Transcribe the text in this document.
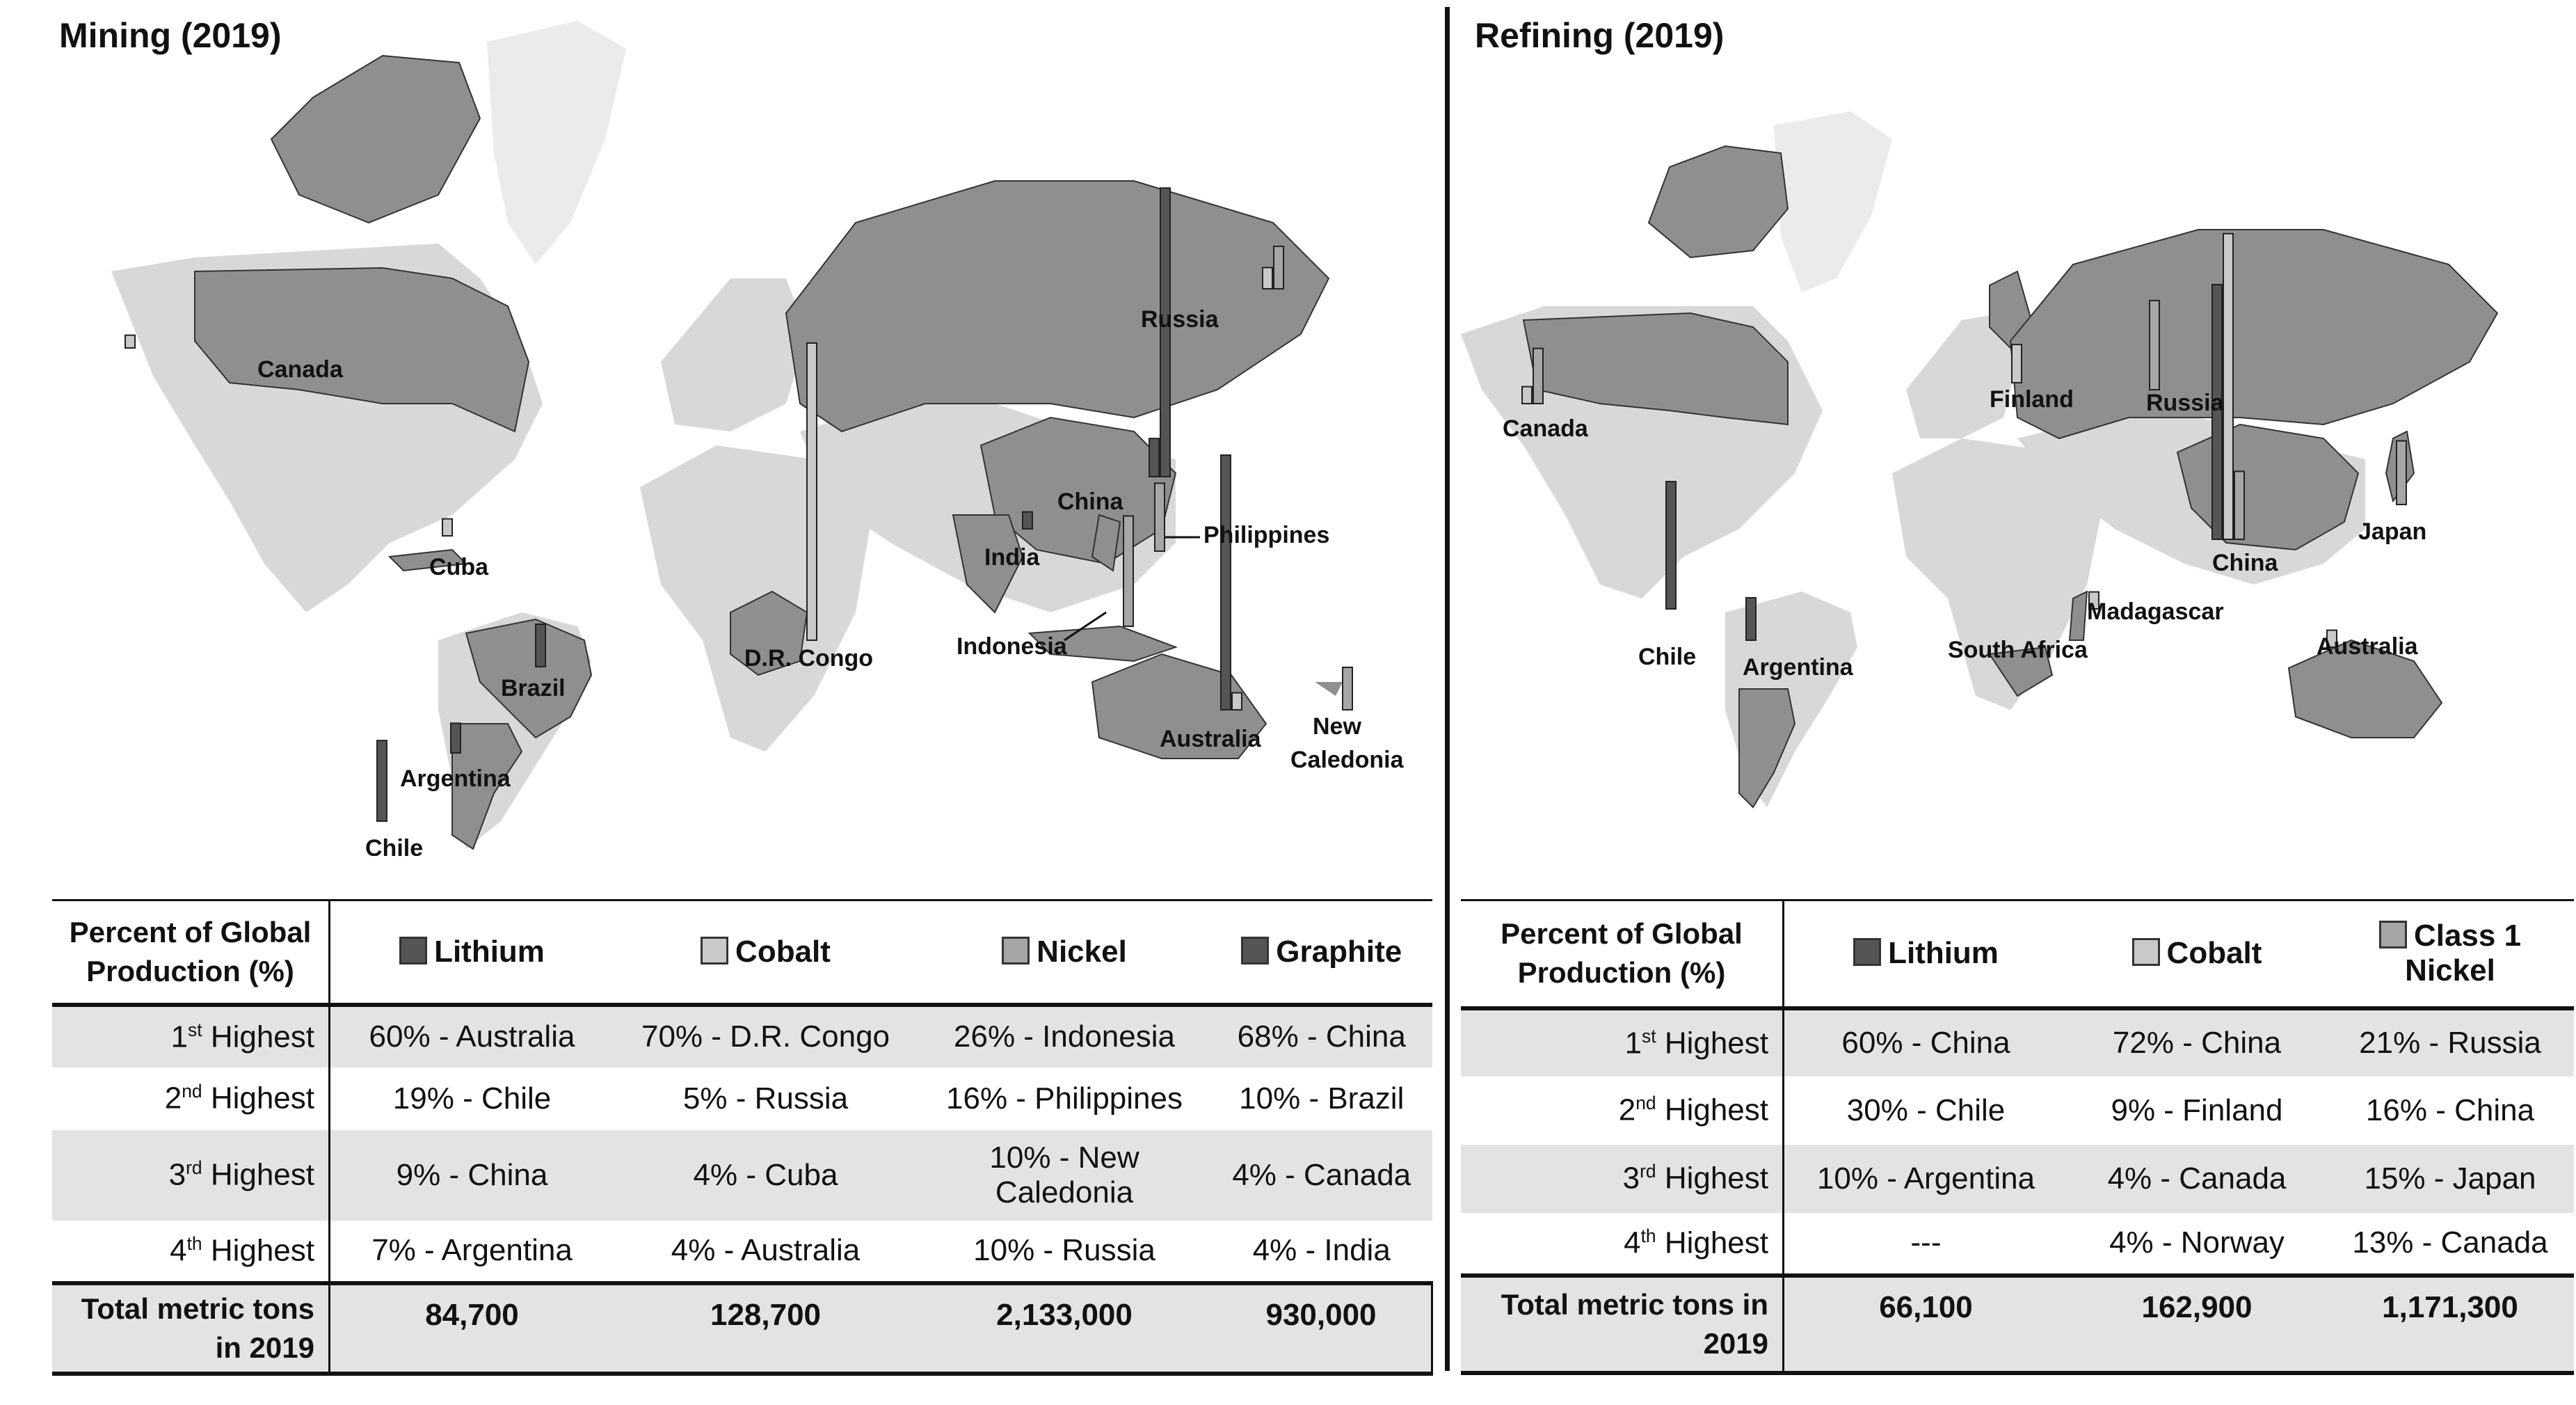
Mining (2019)
Canada
Russia
China
India
Philippines
Indonesia
D.R. Congo
Cuba
Brazil
Argentina
Chile
Australia New
Caledonia
Percent of Global
Production (%)	Lithium	Cobalt	Nickel	Graphite
1st Highest	60% - Australia	70% - D.R. Congo	26% - Indonesia	68% - China
2nd Highest	19% - Chile	5% - Russia	16% - Philippines	10% - Brazil
3rd Highest	9% - China	4% - Cuba	10% - New Caledonia	4% - Canada
4th Highest	7% - Argentina	4% - Australia	10% - Russia	4% - India
Total metric tons
in 2019	84,700	128,700	2,133,000	930,000
Refining (2019)
Canada
Finland	Russia
China
Japan
Chile Argentina
South Africa
Madagascar
Australia
Percent of Global
Production (%)	Lithium	Cobalt	Class 1 Nickel
1st Highest	60% - China	72% - China	21% - Russia
2nd Highest	30% - Chile	9% - Finland	16% - China
3rd Highest	10% - Argentina	4% - Canada	15% - Japan
4th Highest	---	4% - Norway	13% - Canada
Total metric tons in
2019	66,100	162,900	1,171,300
